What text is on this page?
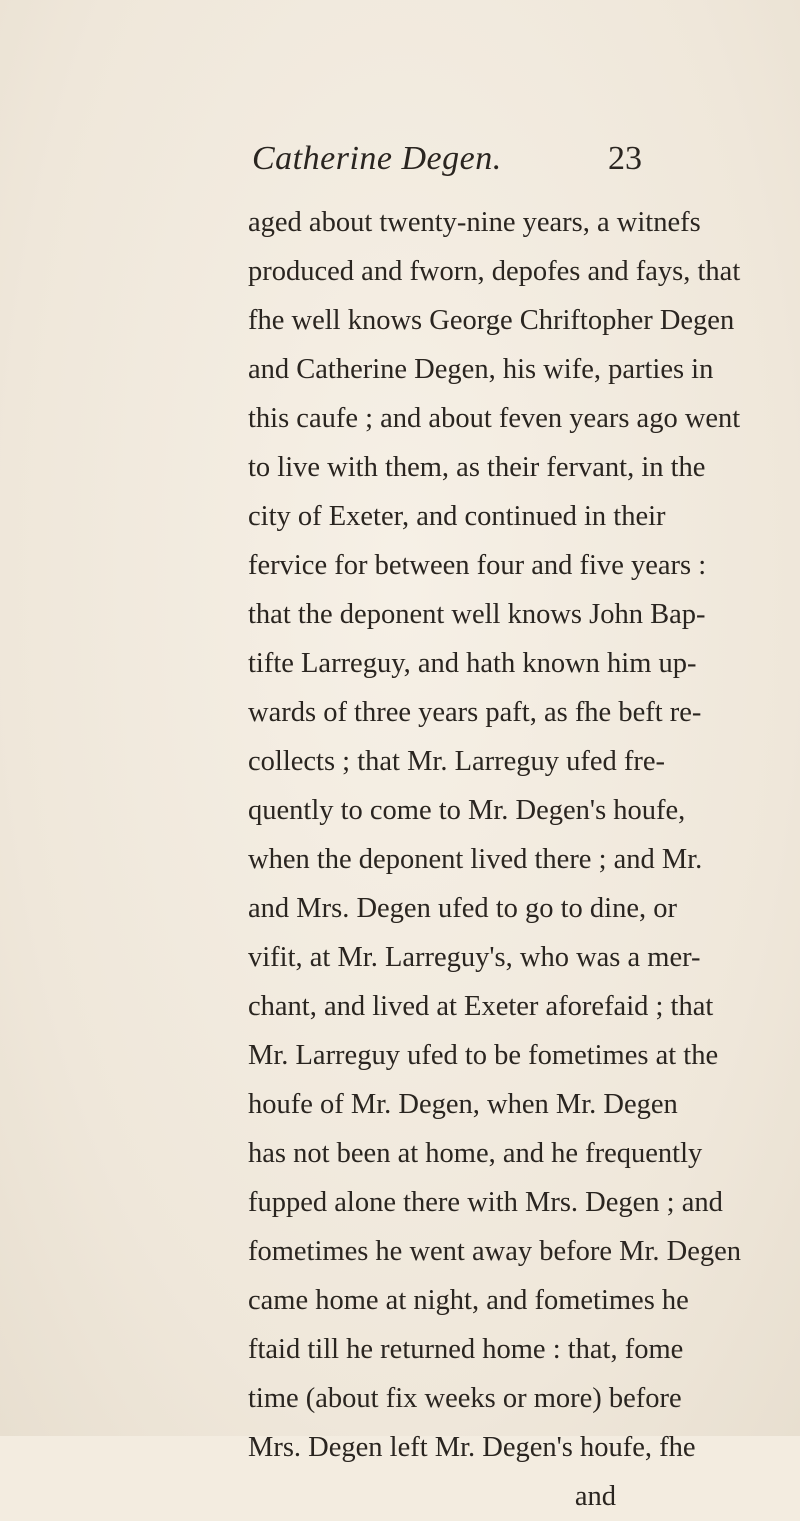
Catherine Degen.	23
aged about twenty-nine years, a witnefs
produced and fworn, depofes and fays, that
fhe well knows George Chriftopher Degen
and Catherine Degen, his wife, parties in
this caufe ; and about feven years ago went
to live with them, as their fervant, in the
city of Exeter, and continued in their
fervice for between four and five years :
that the deponent well knows John Bap-
tifte Larreguy, and hath known him up-
wards of three years paft, as fhe beft re-
collects ; that Mr. Larreguy ufed fre-
quently to come to Mr. Degen's houfe,
when the deponent lived there ; and Mr.
and Mrs. Degen ufed to go to dine, or
vifit, at Mr. Larreguy's, who was a mer-
chant, and lived at Exeter aforefaid ; that
Mr. Larreguy ufed to be fometimes at the
houfe of Mr. Degen, when Mr. Degen
has not been at home, and he frequently
fupped alone there with Mrs. Degen ; and
fometimes he went away before Mr. Degen
came home at night, and fometimes he
ftaid till he returned home : that, fome
time (about fix weeks or more) before
Mrs. Degen left Mr. Degen's houfe, fhe
and
